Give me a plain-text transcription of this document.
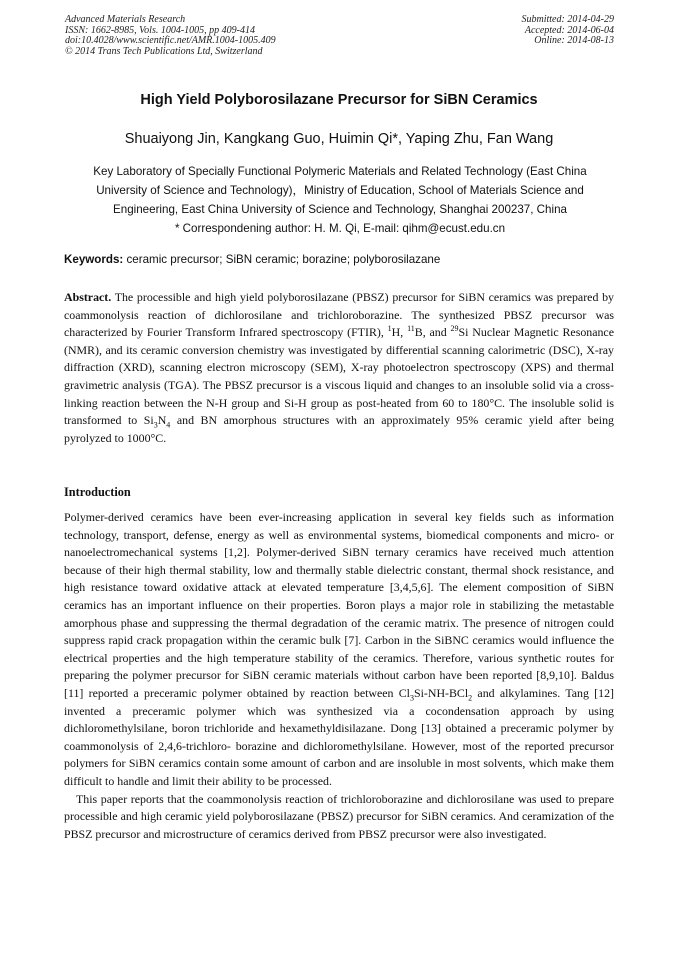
Advanced Materials Research
ISSN: 1662-8985, Vols. 1004-1005, pp 409-414
doi:10.4028/www.scientific.net/AMR.1004-1005.409
© 2014 Trans Tech Publications Ltd, Switzerland
Submitted: 2014-04-29
Accepted: 2014-06-04
Online: 2014-08-13
High Yield Polyborosilazane Precursor for SiBN Ceramics
Shuaiyong Jin, Kangkang Guo, Huimin Qi*, Yaping Zhu, Fan Wang
Key Laboratory of Specially Functional Polymeric Materials and Related Technology (East China
University of Science and Technology)，Ministry of Education, School of Materials Science and
Engineering, East China University of Science and Technology, Shanghai 200237, China
* Correspondening author: H. M. Qi, E-mail: qihm@ecust.edu.cn
Keywords: ceramic precursor; SiBN ceramic; borazine; polyborosilazane
Abstract. The processible and high yield polyborosilazane (PBSZ) precursor for SiBN ceramics was prepared by coammonolysis reaction of dichlorosilane and trichloroborazine. The synthesized PBSZ precursor was characterized by Fourier Transform Infrared spectroscopy (FTIR), $^1$H, $^{11}$B, and $^{29}$Si Nuclear Magnetic Resonance (NMR), and its ceramic conversion chemistry was investigated by differential scanning calorimetric (DSC), X-ray diffraction (XRD), scanning electron microscopy (SEM), X-ray photoelectron spectroscopy (XPS) and thermal gravimetric analysis (TGA). The PBSZ precursor is a viscous liquid and changes to an insoluble solid via a cross-linking reaction between the N-H group and Si-H group as post-heated from 60 to 180°C. The insoluble solid is transformed to $Si_3N_4$ and BN amorphous structures with an approximately 95% ceramic yield after being pyrolyzed to 1000°C.
Introduction
Polymer-derived ceramics have been ever-increasing application in several key fields such as information technology, transport, defense, energy as well as environmental systems, biomedical components and micro- or nanoelectromechanical systems [1,2]. Polymer-derived SiBN ternary ceramics have received much attention because of their high thermal stability, low and thermally stable dielectric constant, thermal shock resistance, and high resistance toward oxidative attack at elevated temperature [3,4,5,6]. The element composition of SiBN ceramics has an important influence on their properties. Boron plays a major role in stabilizing the metastable amorphous phase and suppressing the thermal degradation of the ceramic matrix. The presence of nitrogen could suppress rapid crack propagation within the ceramic bulk [7]. Carbon in the SiBNC ceramics would influence the electrical properties and the high temperature stability of the ceramics. Therefore, various synthetic routes for preparing the polymer precursor for SiBN ceramic materials without carbon have been reported [8,9,10]. Baldus [11] reported a preceramic polymer obtained by reaction between $Cl_3Si-NH-BCl_2$ and alkylamines. Tang [12] invented a preceramic polymer which was synthesized via a cocondensation approach by using dichloromethylsilane, boron trichloride and hexamethyldisilazane. Dong [13] obtained a preceramic polymer by coammonolysis of 2,4,6-trichloro- borazine and dichloromethylsilane. However, most of the reported precursor polymers for SiBN ceramics contain some amount of carbon and are insoluble in most solvents, which make them difficult to handle and limit their ability to be processed.
This paper reports that the coammonolysis reaction of trichloroborazine and dichlorosilane was used to prepare processible and high ceramic yield polyborosilazane (PBSZ) precursor for SiBN ceramics. And ceramization of the PBSZ precursor and microstructure of ceramics derived from PBSZ precursor were also investigated.
